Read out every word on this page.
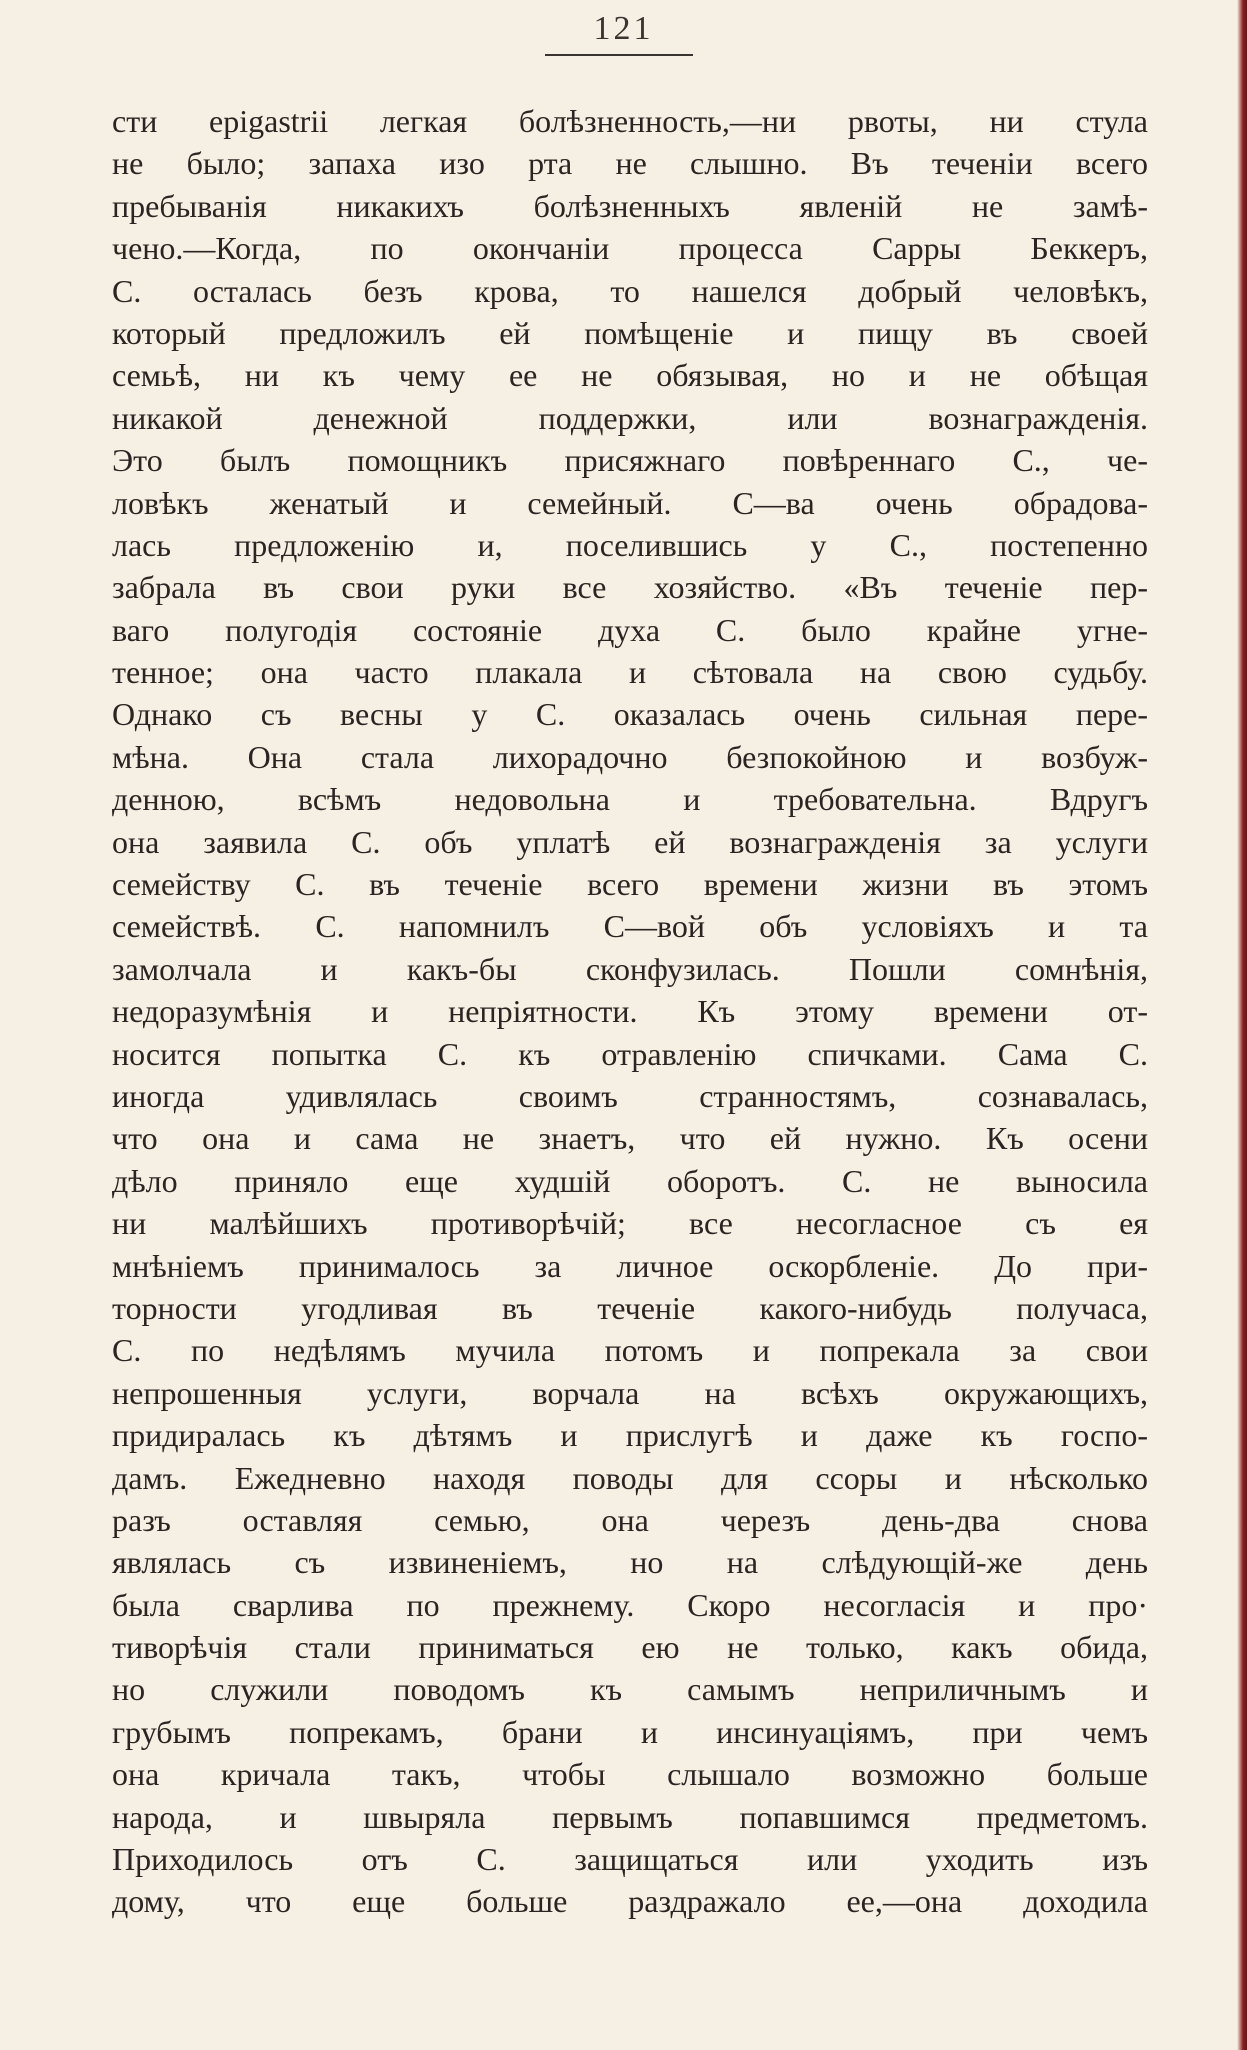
121
сти epigastrii легкая болѣзненность,—ни рвоты, ни стула
не было; запаха изо рта не слышно. Въ теченіи всего
пребыванія никакихъ болѣзненныхъ явленій не замѣ-
чено.—Когда, по окончаніи процесса Сарры Беккеръ,
С. осталась безъ крова, то нашелся добрый человѣкъ,
который предложилъ ей помѣщеніе и пищу въ своей
семьѣ, ни къ чему ее не обязывая, но и не обѣщая
никакой денежной поддержки, или вознагражденія.
Это былъ помощникъ присяжнаго повѣреннаго С., че-
ловѣкъ женатый и семейный. С—ва очень обрадова-
лась предложенію и, поселившись у С., постепенно
забрала въ свои руки все хозяйство. «Въ теченіе пер-
ваго полугодія состояніе духа С. было крайне угне-
тенное; она часто плакала и сѣтовала на свою судьбу.
Однако съ весны у С. оказалась очень сильная пере-
мѣна. Она стала лихорадочно безпокойною и возбуж-
денною, всѣмъ недовольна и требовательна. Вдругъ
она заявила С. объ уплатѣ ей вознагражденія за услуги
семейству С. въ теченіе всего времени жизни въ этомъ
семействѣ. С. напомнилъ С—вой объ условіяхъ и та
замолчала и какъ-бы сконфузилась. Пошли сомнѣнія,
недоразумѣнія и непріятности. Къ этому времени от-
носится попытка С. къ отравленію спичками. Сама С.
иногда удивлялась своимъ странностямъ, сознавалась,
что она и сама не знаетъ, что ей нужно. Къ осени
дѣло приняло еще худшій оборотъ. С. не выносила
ни малѣйшихъ противорѣчій; все несогласное съ ея
мнѣніемъ принималось за личное оскорбленіе. До при-
торности угодливая въ теченіе какого-нибудь получаса,
С. по недѣлямъ мучила потомъ и попрекала за свои
непрошенныя услуги, ворчала на всѣхъ окружающихъ,
придиралась къ дѣтямъ и прислугѣ и даже къ госпо-
дамъ. Ежедневно находя поводы для ссоры и нѣсколько
разъ оставляя семью, она черезъ день-два снова
являлась съ извиненіемъ, но на слѣдующій-же день
была сварлива по прежнему. Скоро несогласія и про·
тиворѣчія стали приниматься ею не только, какъ обида,
но служили поводомъ къ самымъ неприличнымъ и
грубымъ попрекамъ, брани и инсинуаціямъ, при чемъ
она кричала такъ, чтобы слышало возможно больше
народа, и швыряла первымъ попавшимся предметомъ.
Приходилось отъ С. защищаться или уходить изъ
дому, что еще больше раздражало ее,—она доходила
